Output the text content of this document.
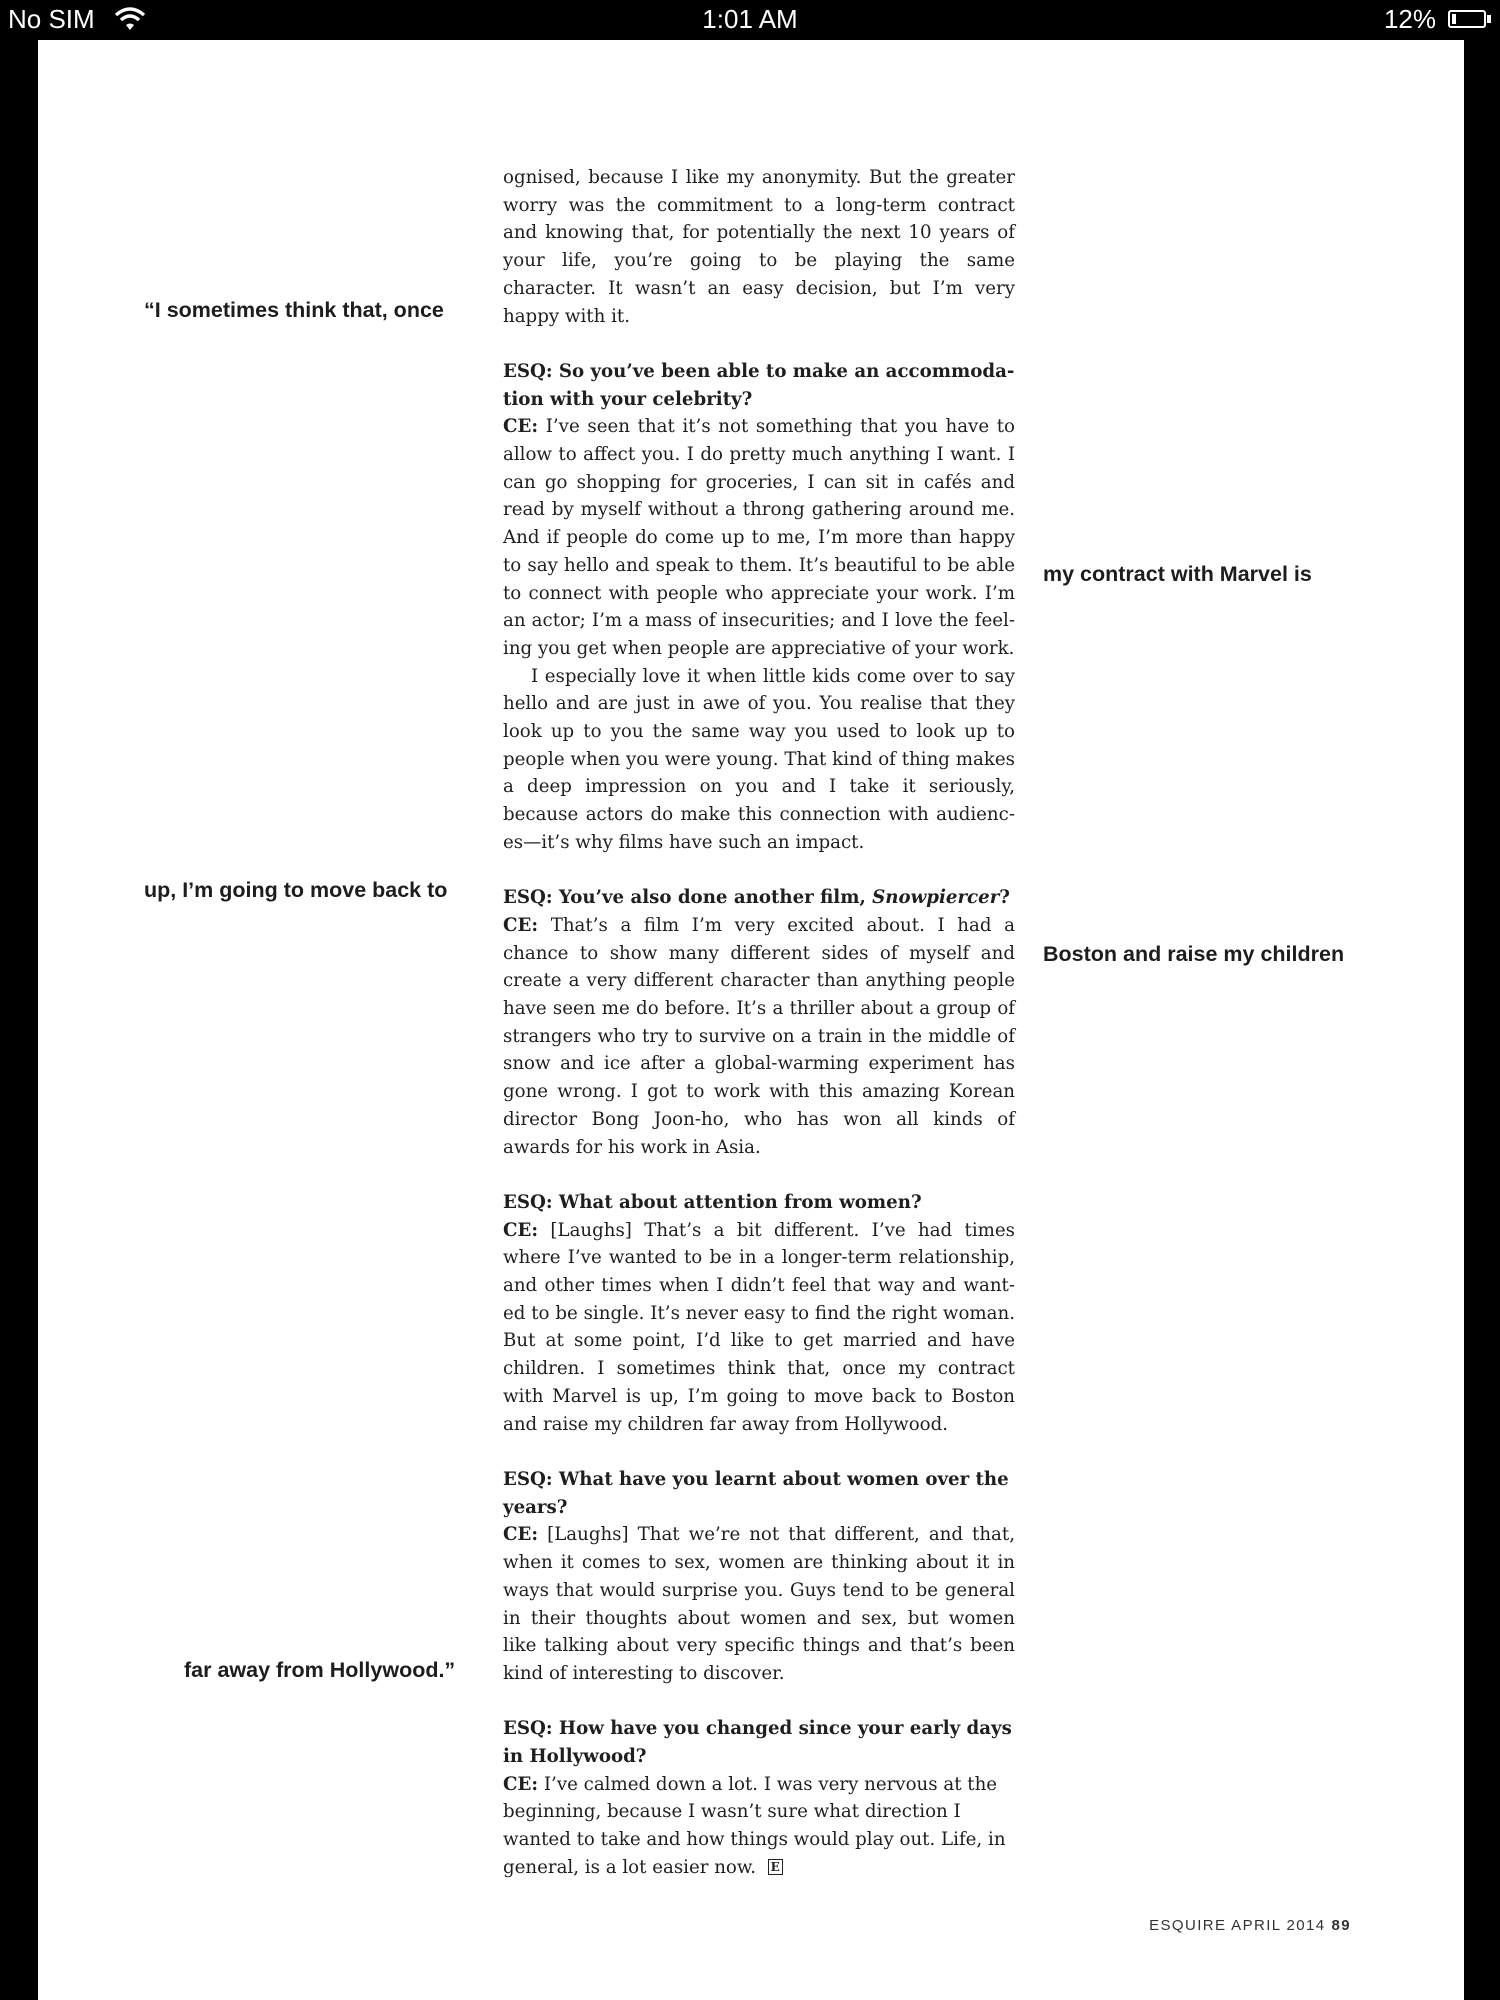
No SIM	1:01 AM	12%
“I sometimes think that, once
my contract with Marvel is
up, I’m going to move back to
Boston and raise my children
far away from Hollywood.”

ognised, because I like my anonymity. But the greater worry was the commitment to a long-term contract and knowing that, for potentially the next 10 years of your life, you’re going to be playing the same character. It wasn’t an easy decision, but I’m very happy with it.

ESQ: So you’ve been able to make an accommodation with your celebrity?

CE: I’ve seen that it’s not something that you have to allow to affect you. I do pretty much anything I want. I can go shopping for groceries, I can sit in cafés and read by myself without a throng gathering around me. And if people do come up to me, I’m more than happy to say hello and speak to them. It’s beautiful to be able to connect with people who appreciate your work. I’m an actor; I’m a mass of insecurities; and I love the feeling you get when people are appreciative of your work.

I especially love it when little kids come over to say hello and are just in awe of you. You realise that they look up to you the same way you used to look up to people when you were young. That kind of thing makes a deep impression on you and I take it seriously, because actors do make this connection with audiences—it’s why films have such an impact.

ESQ: You’ve also done another film, Snowpiercer?

CE: That’s a film I’m very excited about. I had a chance to show many different sides of myself and create a very different character than anything people have seen me do before. It’s a thriller about a group of strangers who try to survive on a train in the middle of snow and ice after a global-warming experiment has gone wrong. I got to work with this amazing Korean director Bong Joon-ho, who has won all kinds of awards for his work in Asia.

ESQ: What about attention from women?

CE: [Laughs] That’s a bit different. I’ve had times where I’ve wanted to be in a longer-term relationship, and other times when I didn’t feel that way and wanted to be single. It’s never easy to find the right woman. But at some point, I’d like to get married and have children. I sometimes think that, once my contract with Marvel is up, I’m going to move back to Boston and raise my children far away from Hollywood.

ESQ: What have you learnt about women over the years?

CE: [Laughs] That we’re not that different, and that, when it comes to sex, women are thinking about it in ways that would surprise you. Guys tend to be general in their thoughts about women and sex, but women like talking about very specific things and that’s been kind of interesting to discover.

ESQ: How have you changed since your early days in Hollywood?

CE: I’ve calmed down a lot. I was very nervous at the beginning, because I wasn’t sure what direction I wanted to take and how things would play out. Life, in general, is a lot easier now. E

ESQUIRE APRIL 2014 89
